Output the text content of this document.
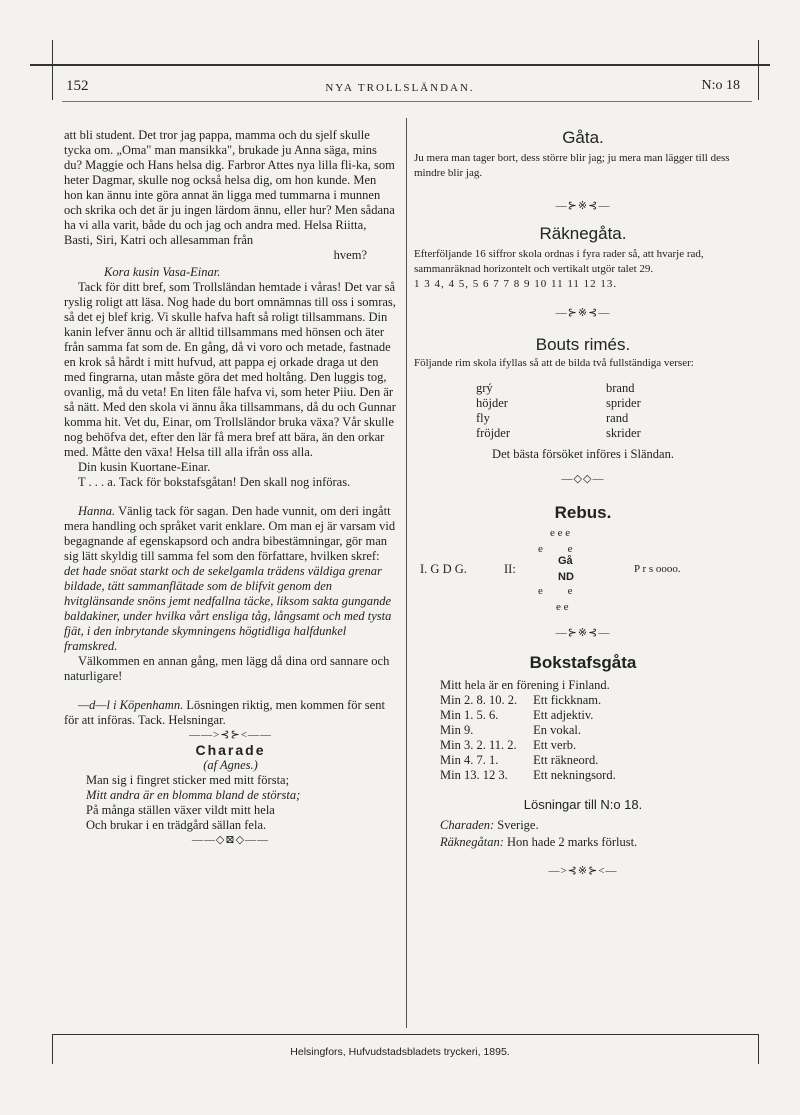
152	NYA TROLLSLÄNDAN.	N:o 18

att bli student. Det tror jag pappa, mamma och du sjelf skulle tycka om. „Oma" man mansikka", brukade ju Anna säga, mins du? Maggie och Hans helsa dig. Farbror Attes nya lilla fli-ka, som heter Dagmar, skulle nog också helsa dig, om hon kunde. Men hon kan ännu inte göra annat än ligga med tummarna i munnen och skrika och det är ju ingen lärdom ännu, eller hur? Men sådana ha vi alla varit, både du och jag och andra med. Helsa Riitta, Basti, Siri, Katri och allesamman från

hvem?

Kora kusin Vasa-Einar.

Tack för ditt bref, som Trollsländan hemtade i våras! Det var så ryslig roligt att läsa. Nog hade du bort omnämnas till oss i somras, så det ej blef krig. Vi skulle hafva haft så roligt tillsammans. Din kanin lefver ännu och är alltid tillsammans med hönsen och äter från samma fat som de. En gång, då vi voro och metade, fastnade en krok så hårdt i mitt hufvud, att pappa ej orkade draga ut den med fingrarna, utan måste göra det med holtång. Den luggis tog, ovanlig, må du veta! En liten fåle hafva vi, som heter Piiu. Den är så nätt. Med den skola vi ännu åka tillsammans, då du och Gunnar komma hit. Vet du, Einar, om Trollsländor bruka växa? Vår skulle nog behöfva det, efter den lär få mera bref att bära, än den orkar med. Måtte den växa! Helsa till alla ifrån oss alla.

Din kusin Kuortane-Einar.

T . . . a. Tack för bokstafsgåtan! Den skall nog införas.

Hanna. Vänlig tack för sagan. Den hade vunnit, om deri ingått mera handling och språket varit enklare. Om man ej är varsam vid begagnande af egenskapsord och andra bibestämningar, gör man sig lätt skyldig till samma fel som den författare, hvilken skref: det hade snöat starkt och de sekelgamla trädens väldiga grenar bildade, tätt sammanflätade som de blifvit genom den hvitglänsande snöns jemt nedfallna täcke, liksom sakta gungande baldakiner, under hvilka vårt ensliga tåg, långsamt och med tysta fjät, i den inbrytande skymningens högtidliga halfdunkel framskred.

Välkommen en annan gång, men lägg då dina ord sannare och naturligare!

—d—l i Köpenhamn. Lösningen riktig, men kommen för sent för att införas. Tack. Helsningar.

——>⊰⊱<——

Charade

(af Agnes.)

Man sig i fingret sticker med mitt första;

Mitt andra är en blomma bland de största;

På många ställen växer vildt mitt hela

Och brukar i en trädgård sällan fela.

——◇⊠◇——

Gåta.

Ju mera man tager bort, dess större blir jag; ju mera man lägger till dess mindre blir jag.

—⊱※⊰—

Räknegåta.

Efterföljande 16 siffror skola ordnas i fyra rader så, att hvarje rad, sammanräknad horizontelt och vertikalt utgör talet 29.

1 3 4, 4 5, 5 6 7 7 8 9 10 11 11 12 13.

—⊱※⊰—

Bouts rimés.

Följande rim skola ifyllas så att de bilda två fullständiga verser:

grý	brand
höjder	sprider
fly	rand
fröjder	skrider

Det bästa försöket införes i Sländan.

—◇◇—

Rebus.

I. G D G.	II:
e e e
e         e
Gå
ND
e         e
e e
P r s oooo.

—⊱※⊰—

Bokstafsgåta

Mitt hela är en förening i Finland.	
Min 2. 8. 10. 2.	Ett fickknam.
Min 1. 5. 6.	Ett adjektiv.
Min 9.	En vokal.
Min 3. 2. 11. 2.	Ett verb.
Min 4. 7. 1.	Ett räkneord.
Min 13. 12 3.	Ett nekningsord.

Lösningar till N:o 18.

Charaden: Sverige.

Räknegåtan: Hon hade 2 marks förlust.

—>⊰※⊱<—

Helsingfors, Hufvudstadsbladets tryckeri, 1895.
